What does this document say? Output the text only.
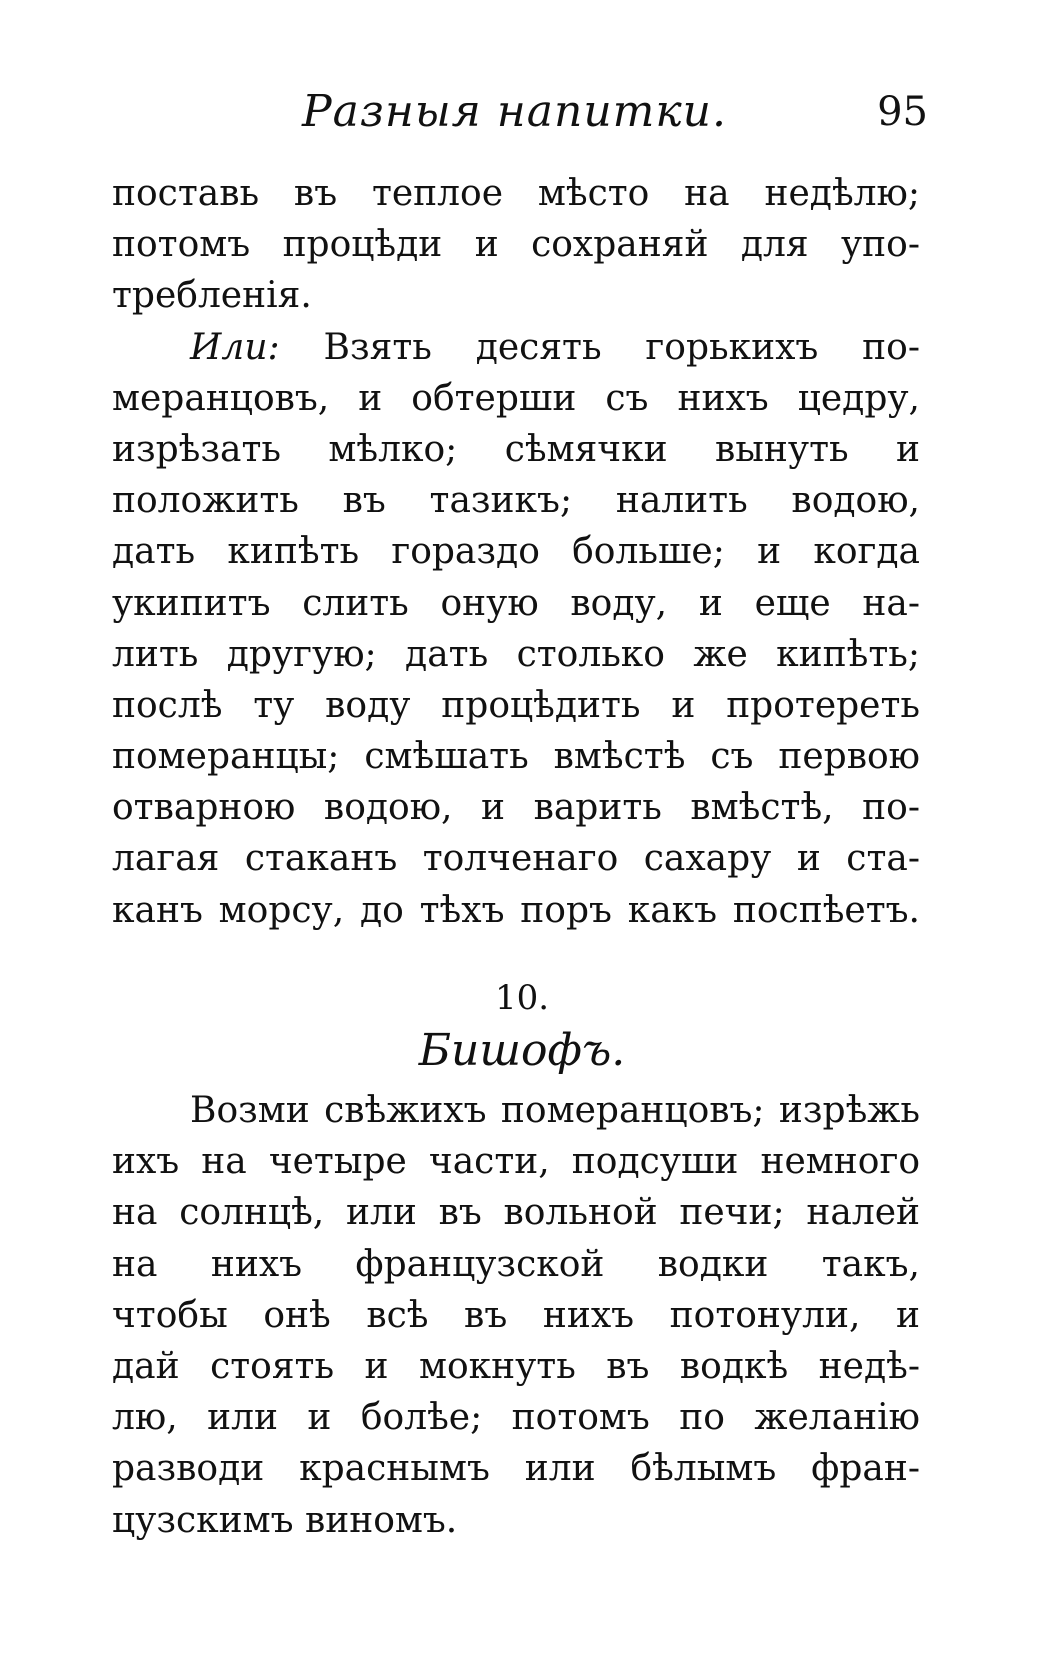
Разныя напитки.	95
поставь въ теплое мѣсто на недѣлю;
потомъ процѣди и сохраняй для упо-
требленія.
Или: Взять десять горькихъ по-
меранцовъ, и обтерши съ нихъ цедру,
изрѣзать мѣлко; сѣмячки вынуть и
положить въ тазикъ; налить водою,
дать кипѣть гораздо больше; и когда
укипитъ слить оную воду, и еще на-
лить другую; дать столько же кипѣть;
послѣ ту воду процѣдить и протереть
померанцы; смѣшать вмѣстѣ съ первою
отварною водою, и варить вмѣстѣ, по-
лагая стаканъ толченаго сахару и ста-
канъ морсу, до тѣхъ поръ какъ поспѣетъ.
10.
Бишофъ.
Возми свѣжихъ померанцовъ; изрѣжь
ихъ на четыре части, подсуши немного
на солнцѣ, или въ вольной печи; налей
на нихъ французской водки такъ,
чтобы онѣ всѣ въ нихъ потонули, и
дай стоять и мокнуть въ водкѣ недѣ-
лю, или и болѣе; потомъ по желанію
разводи краснымъ или бѣлымъ фран-
цузскимъ виномъ.
